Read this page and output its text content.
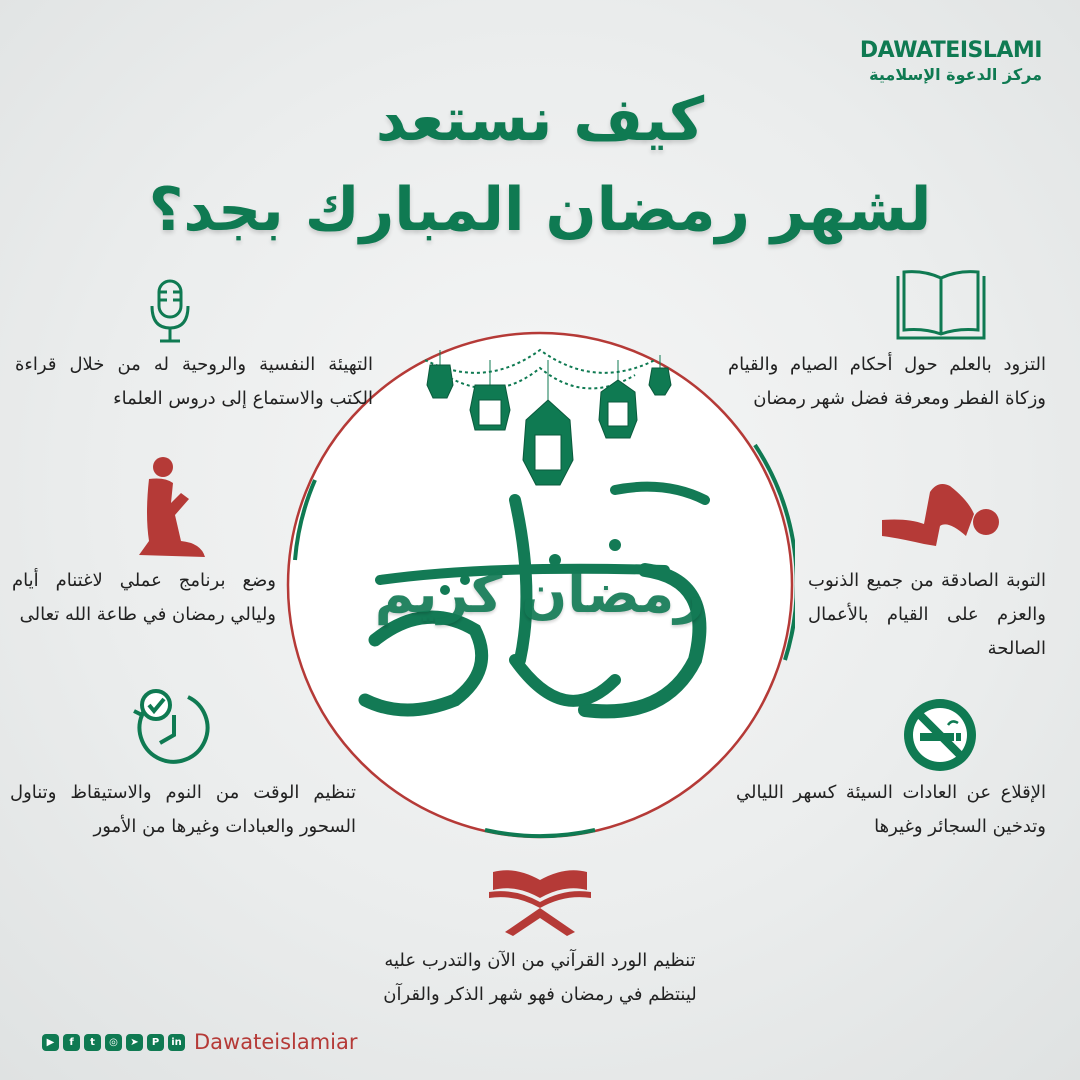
DAWATEISLAMI
مركز الدعوة الإسلامية
كيف نستعد
لشهر رمضان المبارك بجد؟
رمضان كريم
التهيئة النفسية والروحية له من خلال قراءة الكتب والاستماع إلى دروس العلماء
التزود بالعلم حول أحكام الصيام والقيام وزكاة الفطر ومعرفة فضل شهر رمضان
وضع برنامج عملي لاغتنام أيام وليالي رمضان في طاعة الله تعالى
التوبة الصادقة من جميع الذنوب والعزم على القيام بالأعمال الصالحة
تنظيم الوقت من النوم والاستيقاظ وتناول السحور والعبادات وغيرها من الأمور
الإقلاع عن العادات السيئة كسهر الليالي وتدخين السجائر وغيرها
تنظيم الورد القرآني من الآن والتدرب عليه لينتظم في رمضان فهو شهر الذكر والقرآن
▶	f	t	◎	➤	P	in Dawateislamiar
